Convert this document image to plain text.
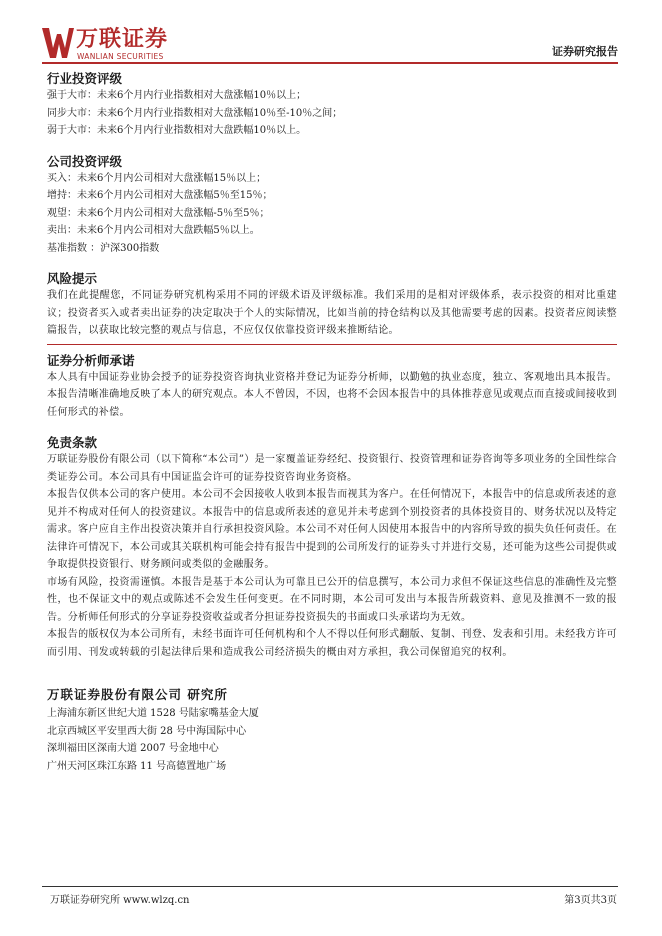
万联证券
WANLIAN SECURITIES	证券研究报告

行业投资评级

强于大市：未来6个月内行业指数相对大盘涨幅10％以上；

同步大市：未来6个月内行业指数相对大盘涨幅10％至-10％之间；

弱于大市：未来6个月内行业指数相对大盘跌幅10％以上。

公司投资评级

买入：未来6个月内公司相对大盘涨幅15％以上；

增持：未来6个月内公司相对大盘涨幅5％至15％；

观望：未来6个月内公司相对大盘涨幅-5％至5％；

卖出：未来6个月内公司相对大盘跌幅5％以上。

基准指数 ：沪深300指数

风险提示

我们在此提醒您，不同证券研究机构采用不同的评级术语及评级标准。我们采用的是相对评级体系，表示投资的相对比重建议；投资者买入或者卖出证券的决定取决于个人的实际情况，比如当前的持仓结构以及其他需要考虑的因素。投资者应阅读整篇报告，以获取比较完整的观点与信息，不应仅仅依靠投资评级来推断结论。

证券分析师承诺

本人具有中国证券业协会授予的证券投资咨询执业资格并登记为证券分析师，以勤勉的执业态度，独立、客观地出具本报告。本报告清晰准确地反映了本人的研究观点。本人不曾因，不因，也将不会因本报告中的具体推荐意见或观点而直接或间接收到任何形式的补偿。

免责条款

万联证券股份有限公司（以下简称“本公司”）是一家覆盖证券经纪、投资银行、投资管理和证券咨询等多项业务的全国性综合类证券公司。本公司具有中国证监会许可的证券投资咨询业务资格。

本报告仅供本公司的客户使用。本公司不会因接收人收到本报告而视其为客户。在任何情况下，本报告中的信息或所表述的意见并不构成对任何人的投资建议。本报告中的信息或所表述的意见并未考虑到个别投资者的具体投资目的、财务状况以及特定需求。客户应自主作出投资决策并自行承担投资风险。本公司不对任何人因使用本报告中的内容所导致的损失负任何责任。在法律许可情况下，本公司或其关联机构可能会持有报告中提到的公司所发行的证券头寸并进行交易，还可能为这些公司提供或争取提供投资银行、财务顾问或类似的金融服务。

市场有风险，投资需谨慎。本报告是基于本公司认为可靠且已公开的信息撰写，本公司力求但不保证这些信息的准确性及完整性，也不保证文中的观点或陈述不会发生任何变更。在不同时期，本公司可发出与本报告所载资料、意见及推测不一致的报告。分析师任何形式的分享证券投资收益或者分担证券投资损失的书面或口头承诺均为无效。

本报告的版权仅为本公司所有，未经书面许可任何机构和个人不得以任何形式翻版、复制、刊登、发表和引用。未经我方许可而引用、刊发或转载的引起法律后果和造成我公司经济损失的概由对方承担，我公司保留追究的权利。

万联证券股份有限公司 研究所

上海浦东新区世纪大道 1528 号陆家嘴基金大厦

北京西城区平安里西大街 28 号中海国际中心

深圳福田区深南大道 2007 号金地中心

广州天河区珠江东路 11 号高德置地广场

万联证券研究所 www.wlzq.cn	第3页共3页
